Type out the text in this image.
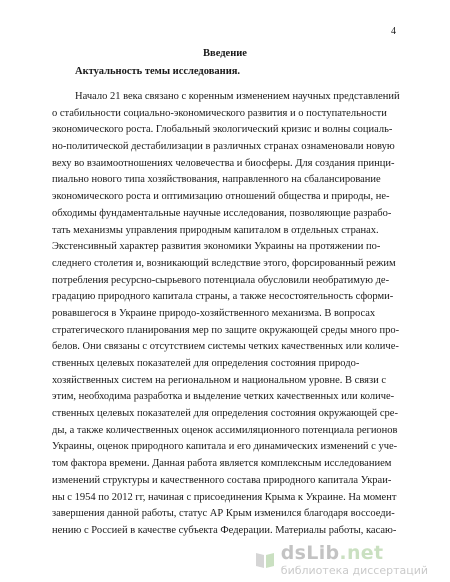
4
Введение
Актуальность темы исследования.
Начало 21 века связано с коренным изменением научных представлений
о стабильности социально-экономического развития и о поступательности
экономического роста. Глобальный экологический кризис и волны социаль-
но-политической дестабилизации в различных странах ознаменовали новую
веху во взаимоотношениях человечества и биосферы. Для создания принци-
пиально нового типа хозяйствования, направленного на сбалансирование
экономического роста и оптимизацию отношений общества и природы, не-
обходимы фундаментальные научные исследования, позволяющие разрабо-
тать механизмы управления природным капиталом в отдельных странах.
Экстенсивный характер развития экономики Украины на протяжении по-
следнего столетия и, возникающий вследствие этого, форсированный режим
потребления ресурсно-сырьевого потенциала обусловили необратимую де-
градацию природного капитала страны, а также несостоятельность сформи-
ровавшегося в Украине природо-хозяйственного механизма. В вопросах
стратегического планирования мер по защите окружающей среды много про-
белов. Они связаны с отсутствием системы четких качественных или количе-
ственных целевых показателей для определения состояния природо-
хозяйственных систем на региональном и национальном уровне. В связи с
этим, необходима разработка и выделение четких качественных или количе-
ственных целевых показателей для определения состояния окружающей сре-
ды, а также количественных оценок ассимиляционного потенциала регионов
Украины, оценок природного капитала и его динамических изменений с уче-
том фактора времени. Данная работа является комплексным исследованием
изменений структуры и качественного состава природного капитала Украи-
ны с 1954 по 2012 гг, начиная с присоединения Крыма к Украине. На момент
завершения данной работы, статус АР Крым изменился благодаря воссоеди-
нению с Россией в качестве субъекта Федерации. Материалы работы, касаю-
dsLib.net
библиотека диссертаций
